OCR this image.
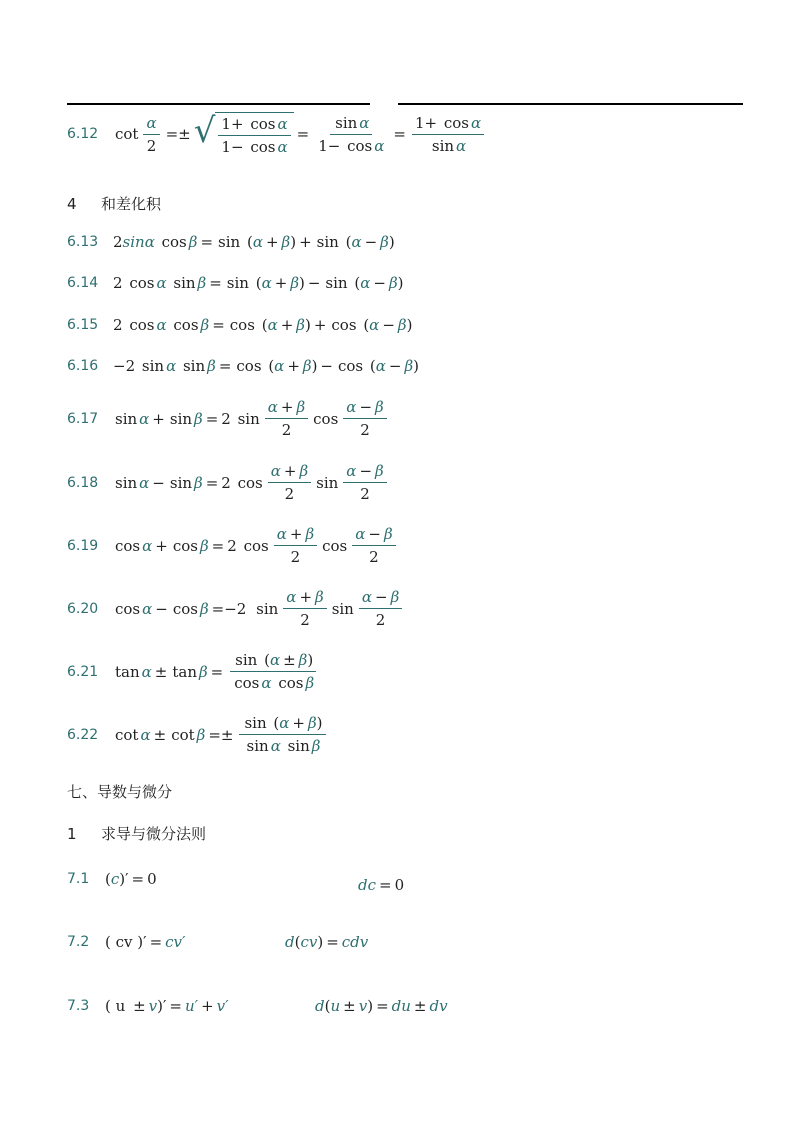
6.12	$\cot \frac{\alpha}{2}$ =± √ $\frac{\text{1+ cos α}}{\text{1− cos α}} = \frac{\text{sin α}}{\text{1− cos α}} = \frac{\text{1+ cos α}}{\text{sin α}}$
4 和差化积
6.13 2 sinα
cos β = sin
( α + β ) + sin
( α − β )
6.14 2
cos α
sin β = sin
( α + β ) − sin
( α − β )
6.15 2
cos α
cos β = cos
( α + β ) + cos
( α − β )
6.16 −2
sin α
sin β = cos
( α + β ) − cos
( α − β )
6.17	sin α + sin β = 2
$\sin \frac{\alpha + \beta}{2}$ $\cos \frac{\alpha - \beta}{2}$
6.18	sin α − sin β = 2
$\cos \frac{\alpha + \beta}{2}$ $\sin \frac{\alpha - \beta}{2}$
6.19	cos α + cos β = 2
$\cos \frac{\alpha + \beta}{2}$ $\cos \frac{\alpha - \beta}{2}$
6.20	cos α − cos β =−2
$\sin \frac{\alpha + \beta}{2}$ $\sin \frac{\alpha - \beta}{2}$
6.21	$\tan \alpha \pm \tan \beta = \frac{\sin (\alpha \pm \beta)}{\text{cos α cos β}}$
6.22	$\cot \alpha \pm \cot \beta =\pm \frac{\sin (\alpha + \beta)}{\text{sin α sin β}}$
七、导数与微分
1 求导与微分法则
7.1	( c )′ = 0	dc = 0
7.2	(
cv
)′ = cv′	d(cv) = cdv
7.3	(
u
± v )′ = u′ + v′	d(u ± v) = du ± dv
